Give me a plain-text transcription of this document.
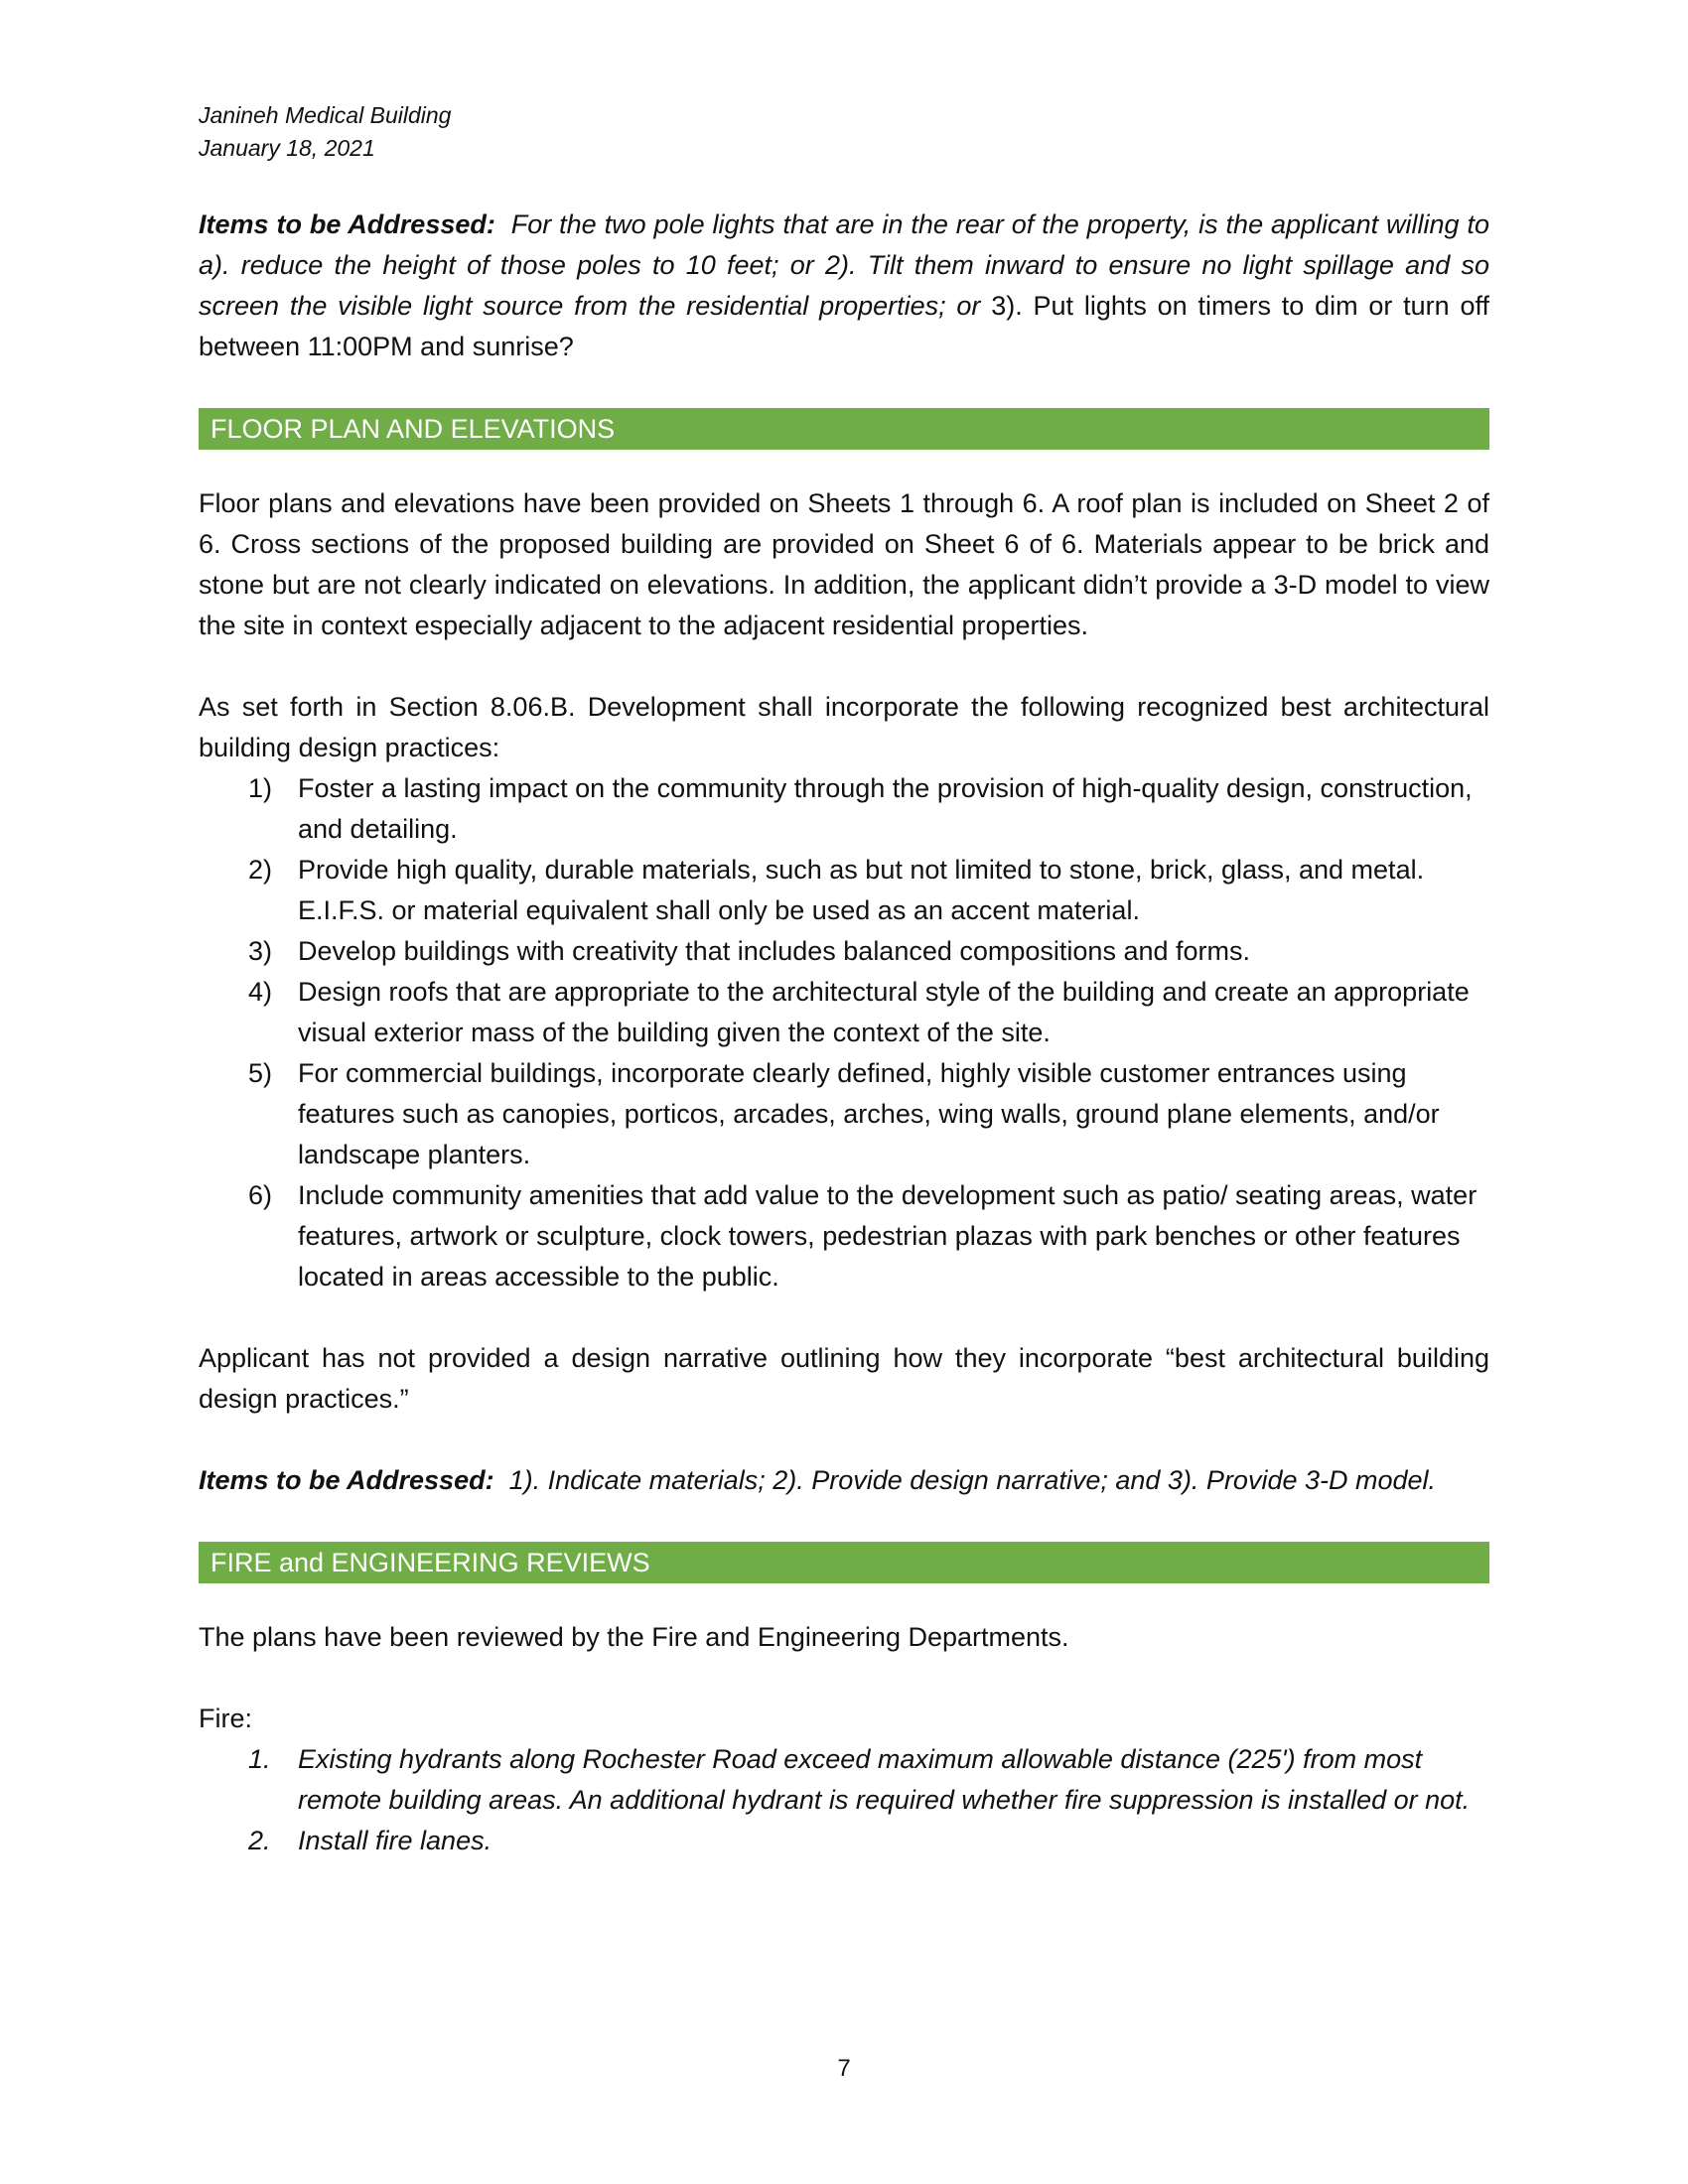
Janineh Medical Building

January 18, 2021

Items to be Addressed: For the two pole lights that are in the rear of the property, is the applicant willing to a). reduce the height of those poles to 10 feet; or 2). Tilt them inward to ensure no light spillage and so screen the visible light source from the residential properties; or 3). Put lights on timers to dim or turn off between 11:00PM and sunrise?

FLOOR PLAN AND ELEVATIONS

Floor plans and elevations have been provided on Sheets 1 through 6. A roof plan is included on Sheet 2 of 6. Cross sections of the proposed building are provided on Sheet 6 of 6. Materials appear to be brick and stone but are not clearly indicated on elevations. In addition, the applicant didn’t provide a 3-D model to view the site in context especially adjacent to the adjacent residential properties.

As set forth in Section 8.06.B. Development shall incorporate the following recognized best architectural building design practices:

1) Foster a lasting impact on the community through the provision of high-quality design, construction, and detailing.
2) Provide high quality, durable materials, such as but not limited to stone, brick, glass, and metal. E.I.F.S. or material equivalent shall only be used as an accent material.
3) Develop buildings with creativity that includes balanced compositions and forms.
4) Design roofs that are appropriate to the architectural style of the building and create an appropriate visual exterior mass of the building given the context of the site.
5) For commercial buildings, incorporate clearly defined, highly visible customer entrances using features such as canopies, porticos, arcades, arches, wing walls, ground plane elements, and/or landscape planters.
6) Include community amenities that add value to the development such as patio/ seating areas, water features, artwork or sculpture, clock towers, pedestrian plazas with park benches or other features located in areas accessible to the public.

Applicant has not provided a design narrative outlining how they incorporate “best architectural building design practices.”

Items to be Addressed: 1). Indicate materials; 2). Provide design narrative; and 3). Provide 3-D model.

FIRE and ENGINEERING REVIEWS

The plans have been reviewed by the Fire and Engineering Departments.

Fire:

1. Existing hydrants along Rochester Road exceed maximum allowable distance (225') from most remote building areas. An additional hydrant is required whether fire suppression is installed or not.
2. Install fire lanes.
7
